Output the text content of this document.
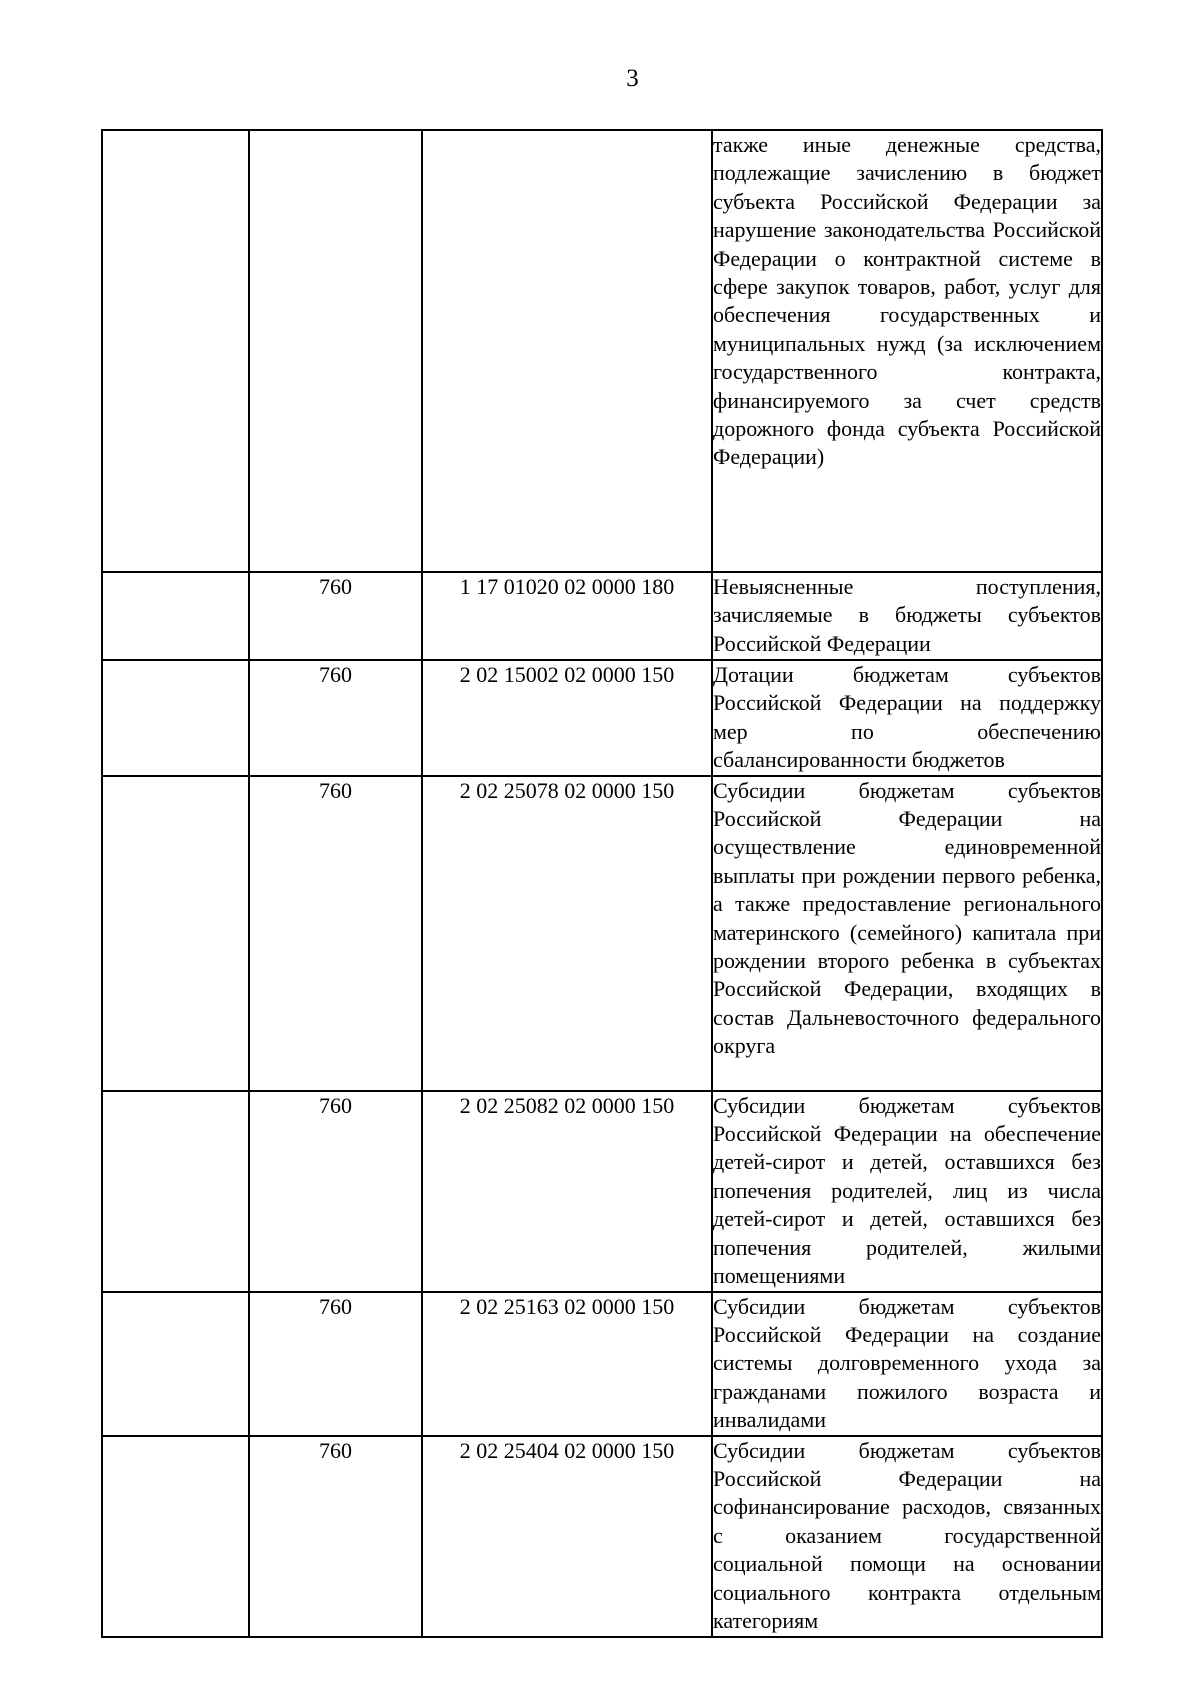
3
			также иные денежные средства, подлежащие зачислению в бюджет субъекта Российской Федерации за нарушение законодательства Российской Федерации о контрактной системе в сфере закупок товаров, работ, услуг для обеспечения государственных и муниципальных нужд (за исключением государственного контракта, финансируемого за счет средств дорожного фонда субъекта Российской Федерации)
	760	1 17 01020 02 0000 180	Невыясненные поступления, зачисляемые в бюджеты субъектов Российской Федерации
	760	2 02 15002 02 0000 150	Дотации бюджетам субъектов Российской Федерации на поддержку мер по обеспечению сбалансированности бюджетов
	760	2 02 25078 02 0000 150	Субсидии бюджетам субъектов Российской Федерации на осуществление единовременной выплаты при рождении первого ребенка, а также предоставление регионального материнского (семейного) капитала при рождении второго ребенка в субъектах Российской Федерации, входящих в состав Дальневосточного федерального округа
	760	2 02 25082 02 0000 150	Субсидии бюджетам субъектов Российской Федерации на обеспечение детей-сирот и детей, оставшихся без попечения родителей, лиц из числа детей-сирот и детей, оставшихся без попечения родителей, жилыми помещениями
	760	2 02 25163 02 0000 150	Субсидии бюджетам субъектов Российской Федерации на создание системы долговременного ухода за гражданами пожилого возраста и инвалидами
	760	2 02 25404 02 0000 150	Субсидии бюджетам субъектов Российской Федерации на софинансирование расходов, связанных с оказанием государственной социальной помощи на основании социального контракта отдельным категориям
